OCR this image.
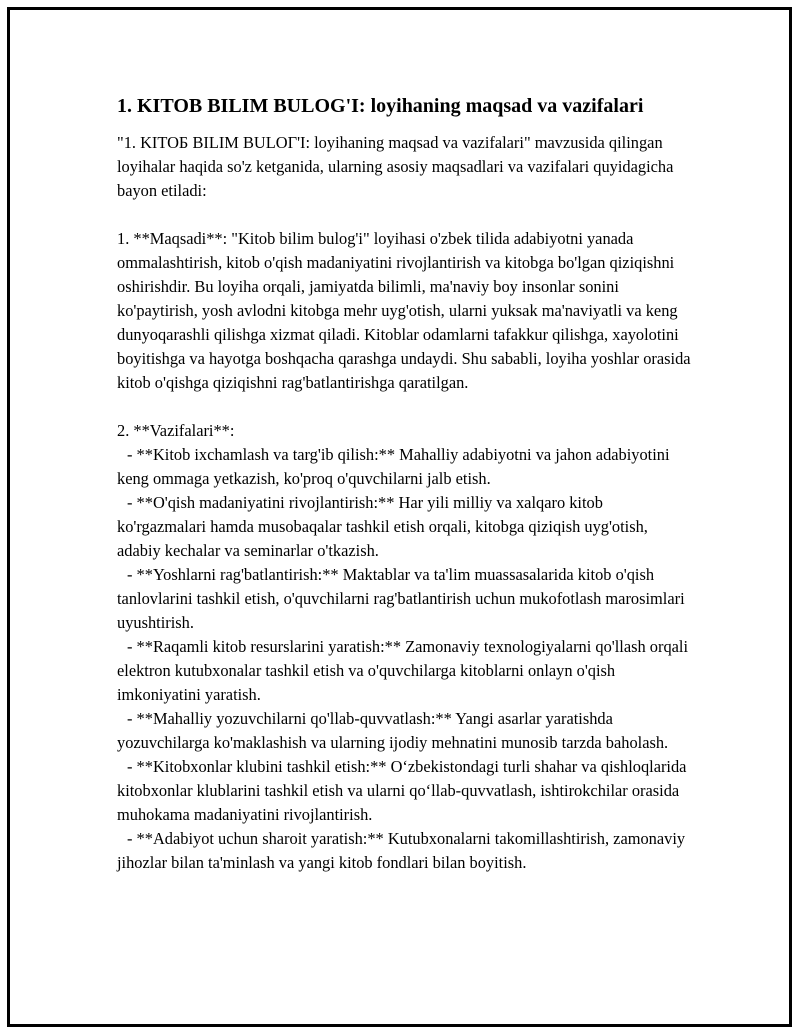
1. KITOB BILIM BULOG'I: loyihaning maqsad va vazifalari

"1. KITOБ BILIM BULOГ'I: loyihaning maqsad va vazifalari" mavzusida qilingan loyihalar haqida so'z ketganida, ularning asosiy maqsadlari va vazifalari quyidagicha bayon etiladi:

1. **Maqsadi**: "Kitob bilim bulog'i" loyihasi o'zbek tilida adabiyotni yanada ommalashtirish, kitob o'qish madaniyatini rivojlantirish va kitobga bo'lgan qiziqishni oshirishdir. Bu loyiha orqali, jamiyatda bilimli, ma'naviy boy insonlar sonini ko'paytirish, yosh avlodni kitobga mehr uyg'otish, ularni yuksak ma'naviyatli va keng dunyoqarashli qilishga xizmat qiladi. Kitoblar odamlarni tafakkur qilishga, xayolotini boyitishga va hayotga boshqacha qarashga undaydi. Shu sababli, loyiha yoshlar orasida kitob o'qishga qiziqishni rag'batlantirishga qaratilgan.

2. **Vazifalari**:

- **Kitob ixchamlash va targ'ib qilish:** Mahalliy adabiyotni va jahon adabiyotini keng ommaga yetkazish, ko'proq o'quvchilarni jalb etish.

- **O'qish madaniyatini rivojlantirish:** Har yili milliy va xalqaro kitob ko'rgazmalari hamda musobaqalar tashkil etish orqali, kitobga qiziqish uyg'otish, adabiy kechalar va seminarlar o'tkazish.

- **Yoshlarni rag'batlantirish:** Maktablar va ta'lim muassasalarida kitob o'qish tanlovlarini tashkil etish, o'quvchilarni rag'batlantirish uchun mukofotlash marosimlari uyushtirish.

- **Raqamli kitob resurslarini yaratish:** Zamonaviy texnologiyalarni qo'llash orqali elektron kutubxonalar tashkil etish va o'quvchilarga kitoblarni onlayn o'qish imkoniyatini yaratish.

- **Mahalliy yozuvchilarni qo'llab-quvvatlash:** Yangi asarlar yaratishda yozuvchilarga ko'maklashish va ularning ijodiy mehnatini munosib tarzda baholash.

- **Kitobxonlar klubini tashkil etish:** O‘zbekistondagi turli shahar va qishloqlarida kitobxonlar klublarini tashkil etish va ularni qo‘llab-quvvatlash, ishtirokchilar orasida muhokama madaniyatini rivojlantirish.

- **Adabiyot uchun sharoit yaratish:** Kutubxonalarni takomillashtirish, zamonaviy jihozlar bilan ta'minlash va yangi kitob fondlari bilan boyitish.
